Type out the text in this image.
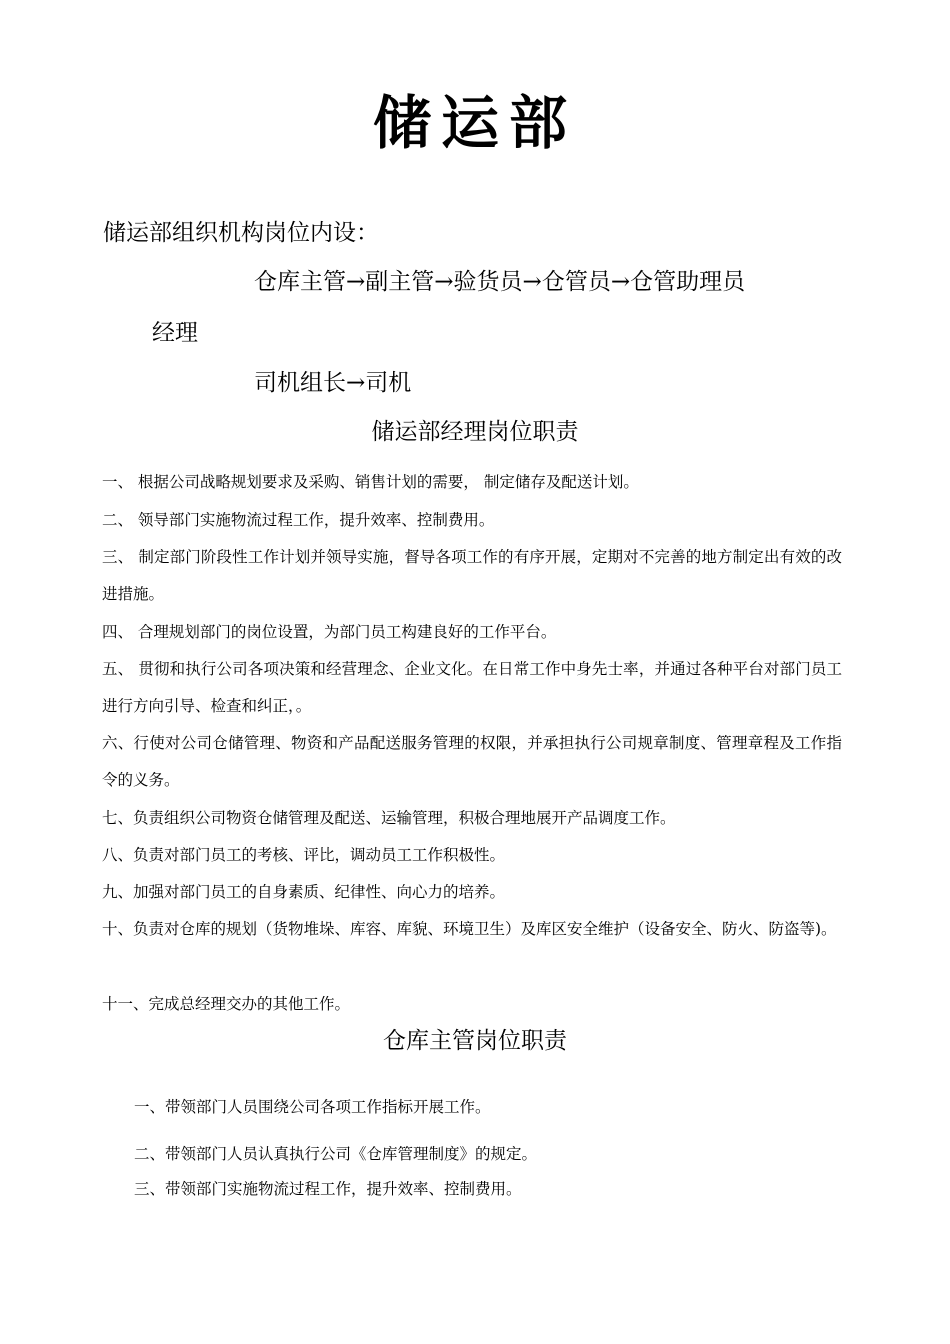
储运部
储运部组织机构岗位内设：
仓库主管→副主管→验货员→仓管员→仓管助理员
经理
司机组长→司机
储运部经理岗位职责
一、 根据公司战略规划要求及采购、销售计划的需要， 制定储存及配送计划。
二、 领导部门实施物流过程工作，提升效率、控制费用。
三、 制定部门阶段性工作计划并领导实施，督导各项工作的有序开展，定期对不完善的地方制定出有效的改进措施。
四、 合理规划部门的岗位设置，为部门员工构建良好的工作平台。
五、 贯彻和执行公司各项决策和经营理念、企业文化。在日常工作中身先士率，并通过各种平台对部门员工进行方向引导、检查和纠正，。
六、行使对公司仓储管理、物资和产品配送服务管理的权限，并承担执行公司规章制度、管理章程及工作指令的义务。
七、负责组织公司物资仓储管理及配送、运输管理，积极合理地展开产品调度工作。
八、负责对部门员工的考核、评比，调动员工工作积极性。
九、加强对部门员工的自身素质、纪律性、向心力的培养。
十、负责对仓库的规划（货物堆垛、库容、库貌、环境卫生）及库区安全维护（设备安全、防火、防盗等)。
十一、完成总经理交办的其他工作。
仓库主管岗位职责
一、带领部门人员围绕公司各项工作指标开展工作。
二、带领部门人员认真执行公司《仓库管理制度》的规定。
三、带领部门实施物流过程工作，提升效率、控制费用。
